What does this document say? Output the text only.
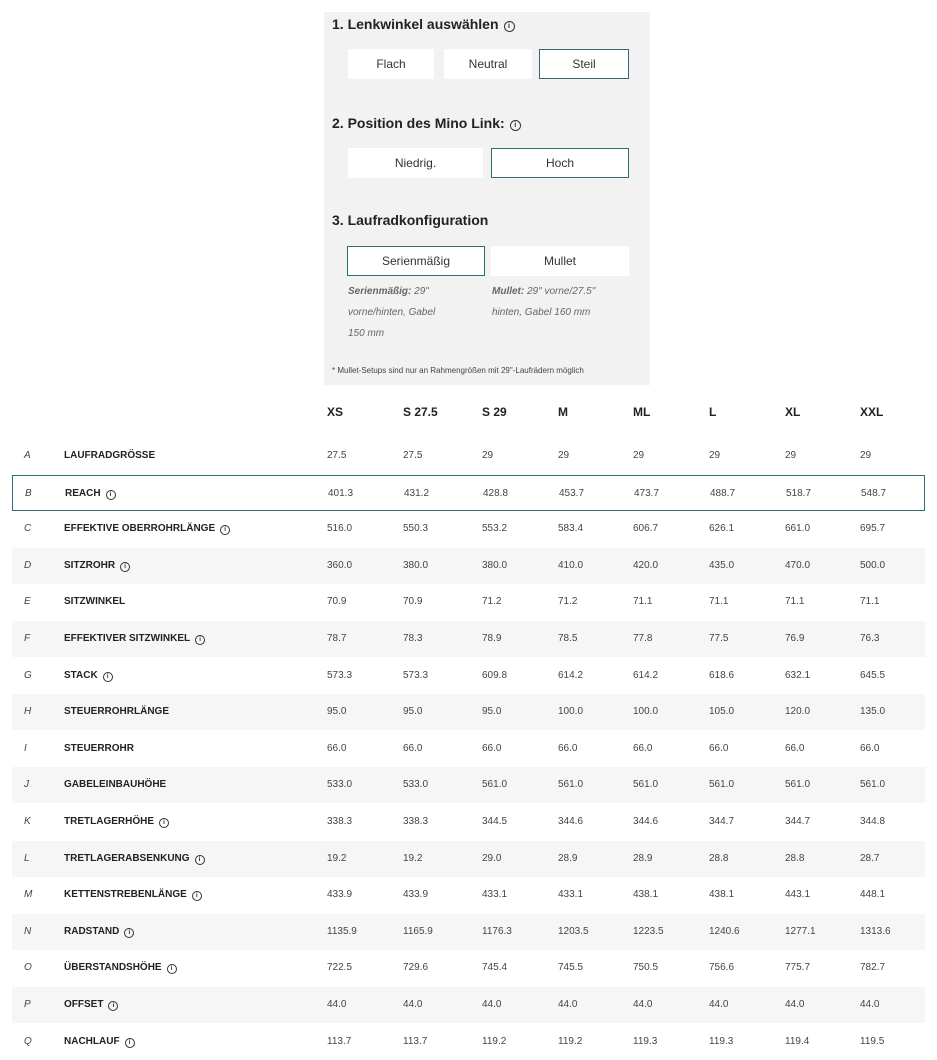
1. Lenkwinkel auswählen i
Flach	Neutral	Steil
2. Position des Mino Link: i
Niedrig.	Hoch
3. Laufradkonfiguration
Serienmäßig	Mullet
Serienmäßig: 29"
vorne/hinten, Gabel
150 mm
Mullet: 29" vorne/27.5"
hinten, Gabel 160 mm
* Mullet-Setups sind nur an Rahmengrößen mit 29"-Laufrädern möglich
XS	S 27.5	S 29	M	ML	L	XL	XXL
A	LAUFRADGRÖSSE	27.5	27.5	29	29	29	29	29	29
B	REACH i	401.3	431.2	428.8	453.7	473.7	488.7	518.7	548.7
C	EFFEKTIVE OBERROHRLÄNGE i	516.0	550.3	553.2	583.4	606.7	626.1	661.0	695.7
D	SITZROHR i	360.0	380.0	380.0	410.0	420.0	435.0	470.0	500.0
E	SITZWINKEL	70.9	70.9	71.2	71.2	71.1	71.1	71.1	71.1
F	EFFEKTIVER SITZWINKEL i	78.7	78.3	78.9	78.5	77.8	77.5	76.9	76.3
G	STACK i	573.3	573.3	609.8	614.2	614.2	618.6	632.1	645.5
H	STEUERROHRLÄNGE	95.0	95.0	95.0	100.0	100.0	105.0	120.0	135.0
I	STEUERROHR	66.0	66.0	66.0	66.0	66.0	66.0	66.0	66.0
J	GABELEINBAUHÖHE	533.0	533.0	561.0	561.0	561.0	561.0	561.0	561.0
K	TRETLAGERHÖHE i	338.3	338.3	344.5	344.6	344.6	344.7	344.7	344.8
L	TRETLAGERABSENKUNG i	19.2	19.2	29.0	28.9	28.9	28.8	28.8	28.7
M	KETTENSTREBENLÄNGE i	433.9	433.9	433.1	433.1	438.1	438.1	443.1	448.1
N	RADSTAND i	1135.9	1165.9	1176.3	1203.5	1223.5	1240.6	1277.1	1313.6
O	ÜBERSTANDSHÖHE i	722.5	729.6	745.4	745.5	750.5	756.6	775.7	782.7
P	OFFSET i	44.0	44.0	44.0	44.0	44.0	44.0	44.0	44.0
Q	NACHLAUF i	113.7	113.7	119.2	119.2	119.3	119.3	119.4	119.5
